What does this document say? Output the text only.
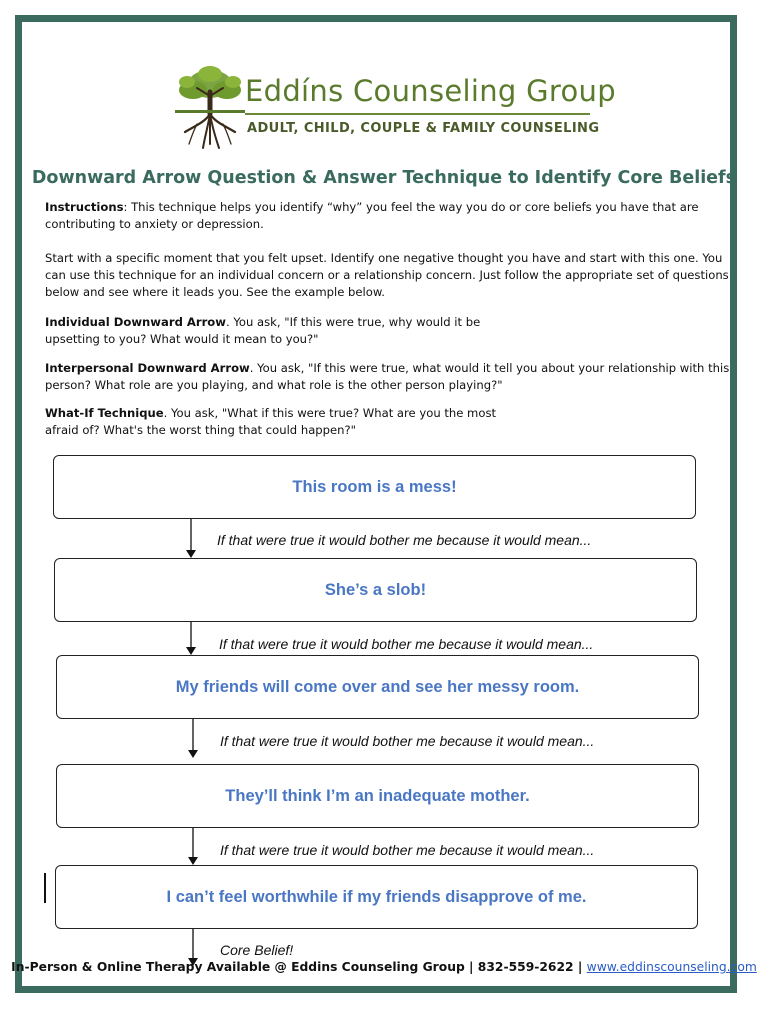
Eddíns Counseling Group
ADULT, CHILD, COUPLE & FAMILY COUNSELING
Downward Arrow Question & Answer Technique to Identify Core Beliefs
Instructions: This technique helps you identify “why” you feel the way you do or core beliefs you have that are contributing to anxiety or depression.
Start with a specific moment that you felt upset. Identify one negative thought you have and start with this one. You can use this technique for an individual concern or a relationship concern. Just follow the appropriate set of questions below and see where it leads you. See the example below.
Individual Downward Arrow. You ask, "If this were true, why would it be upsetting to you? What would it mean to you?"
Interpersonal Downward Arrow. You ask, "If this were true, what would it tell you about your relationship with this person? What role are you playing, and what role is the other person playing?"
What-If Technique. You ask, "What if this were true? What are you the most afraid of? What's the worst thing that could happen?"
This room is a mess!
She’s a slob!
My friends will come over and see her messy room.
They’ll think I’m an inadequate mother.
I can’t feel worthwhile if my friends disapprove of me.
If that were true it would bother me because it would mean...
If that were true it would bother me because it would mean...
If that were true it would bother me because it would mean...
If that were true it would bother me because it would mean...
Core Belief!
In-Person & Online Therapy Available @ Eddins Counseling Group | 832-559-2622 | www.eddinscounseling.com
